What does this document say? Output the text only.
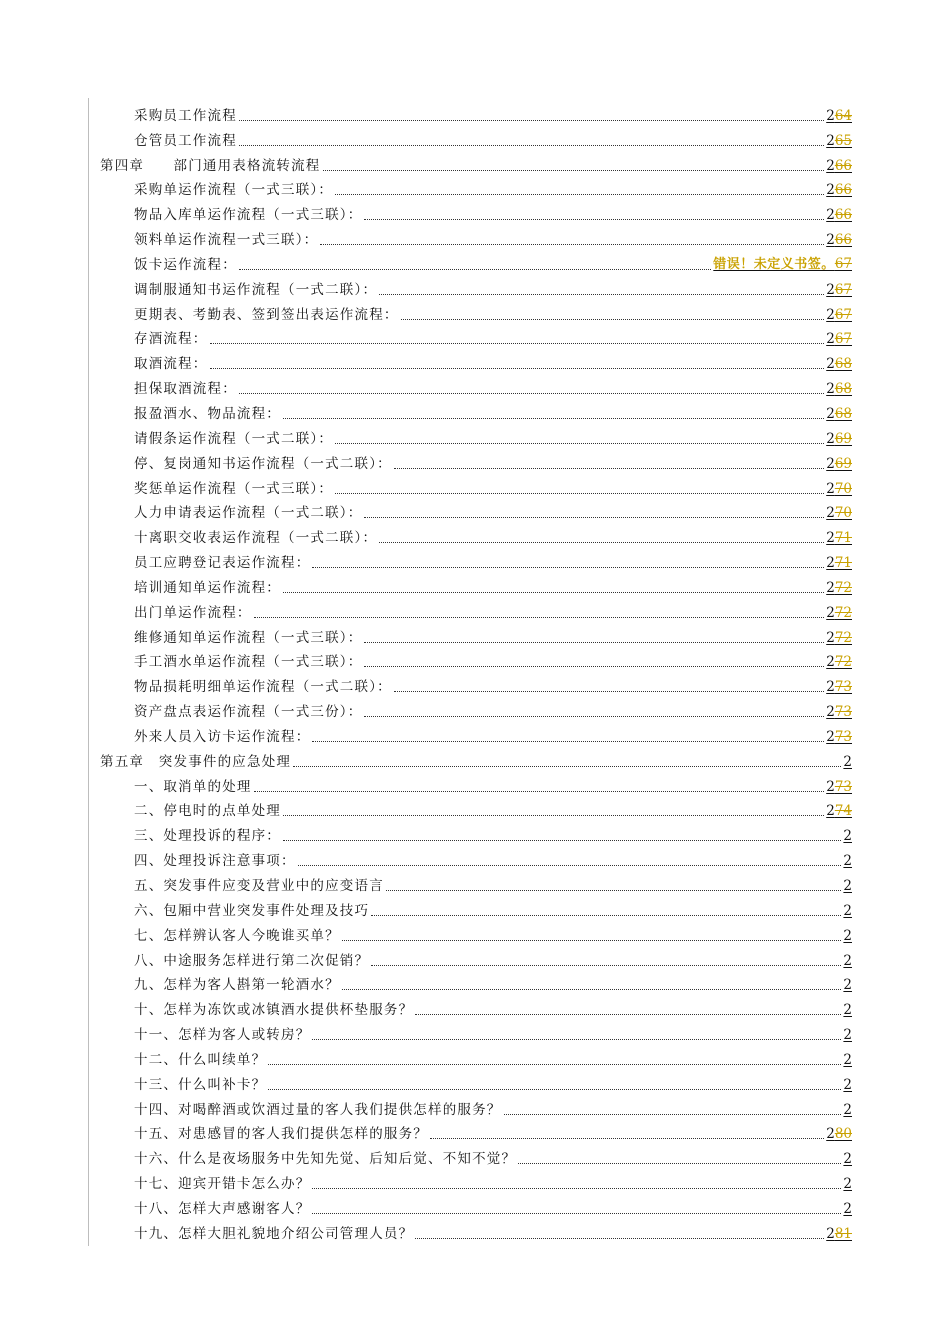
采购员工作流程	264
仓管员工作流程	265
第四章　　部门通用表格流转流程	266
采购单运作流程（一式三联）：	266
物品入库单运作流程（一式三联）：	266
领料单运作流程一式三联）：	266
饭卡运作流程：	错误！未定义书签。67
调制服通知书运作流程（一式二联）：	267
更期表、考勤表、签到签出表运作流程：	267
存酒流程：	267
取酒流程：	268
担保取酒流程：	268
报盈酒水、物品流程：	268
请假条运作流程（一式二联）：	269
停、复岗通知书运作流程（一式二联）：	269
奖惩单运作流程（一式三联）：	270
人力申请表运作流程（一式二联）：	270
十离职交收表运作流程（一式二联）：	271
员工应聘登记表运作流程：	271
培训通知单运作流程：	272
出门单运作流程：	272
维修通知单运作流程（一式三联）：	272
手工酒水单运作流程（一式三联）：	272
物品损耗明细单运作流程（一式二联）：	273
资产盘点表运作流程（一式三份）：	273
外来人员入访卡运作流程：	273
第五章　突发事件的应急处理	2
一、取消单的处理	273
二、停电时的点单处理	274
三、处理投诉的程序：	2
四、处理投诉注意事项：	2
五、突发事件应变及营业中的应变语言	2
六、包厢中营业突发事件处理及技巧	2
七、怎样辨认客人今晚谁买单？	2
八、中途服务怎样进行第二次促销？	2
九、怎样为客人斟第一轮酒水？	2
十、怎样为冻饮或冰镇酒水提供杯垫服务？	2
十一、怎样为客人或转房？	2
十二、什么叫续单？	2
十三、什么叫补卡？	2
十四、对喝醉酒或饮酒过量的客人我们提供怎样的服务？	2
十五、对患感冒的客人我们提供怎样的服务？	280
十六、什么是夜场服务中先知先觉、后知后觉、不知不觉？	2
十七、迎宾开错卡怎么办？	2
十八、怎样大声感谢客人？	2
十九、怎样大胆礼貌地介绍公司管理人员？	281
